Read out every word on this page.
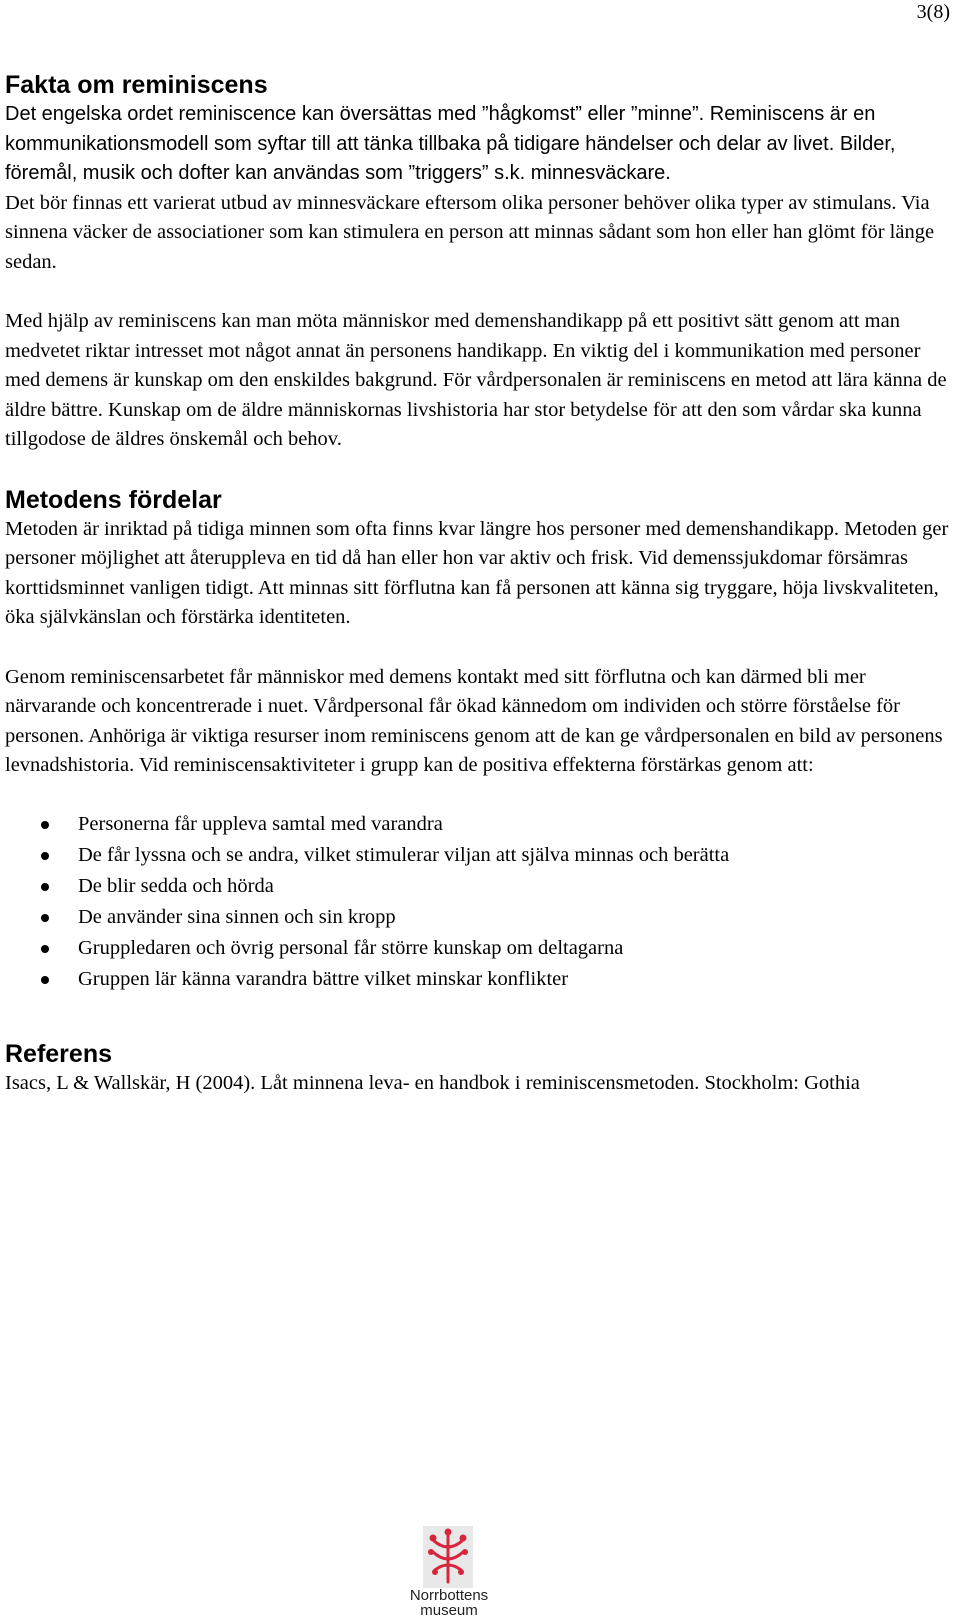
3(8)
Fakta om reminiscens

Det engelska ordet reminiscence kan översättas med ”hågkomst” eller ”minne”. Reminiscens är en kommunikationsmodell som syftar till att tänka tillbaka på tidigare händelser och delar av livet. Bilder, föremål, musik och dofter kan användas som ”triggers” s.k. minnesväckare.

Det bör finnas ett varierat utbud av minnesväckare eftersom olika personer behöver olika typer av stimulans. Via sinnena väcker de associationer som kan stimulera en person att minnas sådant som hon eller han glömt för länge sedan.

Med hjälp av reminiscens kan man möta människor med demenshandikapp på ett positivt sätt genom att man medvetet riktar intresset mot något annat än personens handikapp. En viktig del i kommunikation med personer med demens är kunskap om den enskildes bakgrund. För vårdpersonalen är reminiscens en metod att lära känna de äldre bättre. Kunskap om de äldre människornas livshistoria har stor betydelse för att den som vårdar ska kunna tillgodose de äldres önskemål och behov.

Metodens fördelar

Metoden är inriktad på tidiga minnen som ofta finns kvar längre hos personer med demenshandikapp. Metoden ger personer möjlighet att återuppleva en tid då han eller hon var aktiv och frisk. Vid demenssjukdomar försämras korttidsminnet vanligen tidigt. Att minnas sitt förflutna kan få personen att känna sig tryggare, höja livskvaliteten, öka självkänslan och förstärka identiteten.

Genom reminiscensarbetet får människor med demens kontakt med sitt förflutna och kan därmed bli mer närvarande och koncentrerade i nuet. Vårdpersonal får ökad kännedom om individen och större förståelse för personen. Anhöriga är viktiga resurser inom reminiscens genom att de kan ge vårdpersonalen en bild av personens levnadshistoria. Vid reminiscensaktiviteter i grupp kan de positiva effekterna förstärkas genom att:

Personerna får uppleva samtal med varandra
De får lyssna och se andra, vilket stimulerar viljan att själva minnas och berätta
De blir sedda och hörda
De använder sina sinnen och sin kropp
Gruppledaren och övrig personal får större kunskap om deltagarna
Gruppen lär känna varandra bättre vilket minskar konflikter
Referens

Isacs, L & Wallskär, H (2004). Låt minnena leva- en handbok i reminiscensmetoden. Stockholm: Gothia

Norrbottens
museum
